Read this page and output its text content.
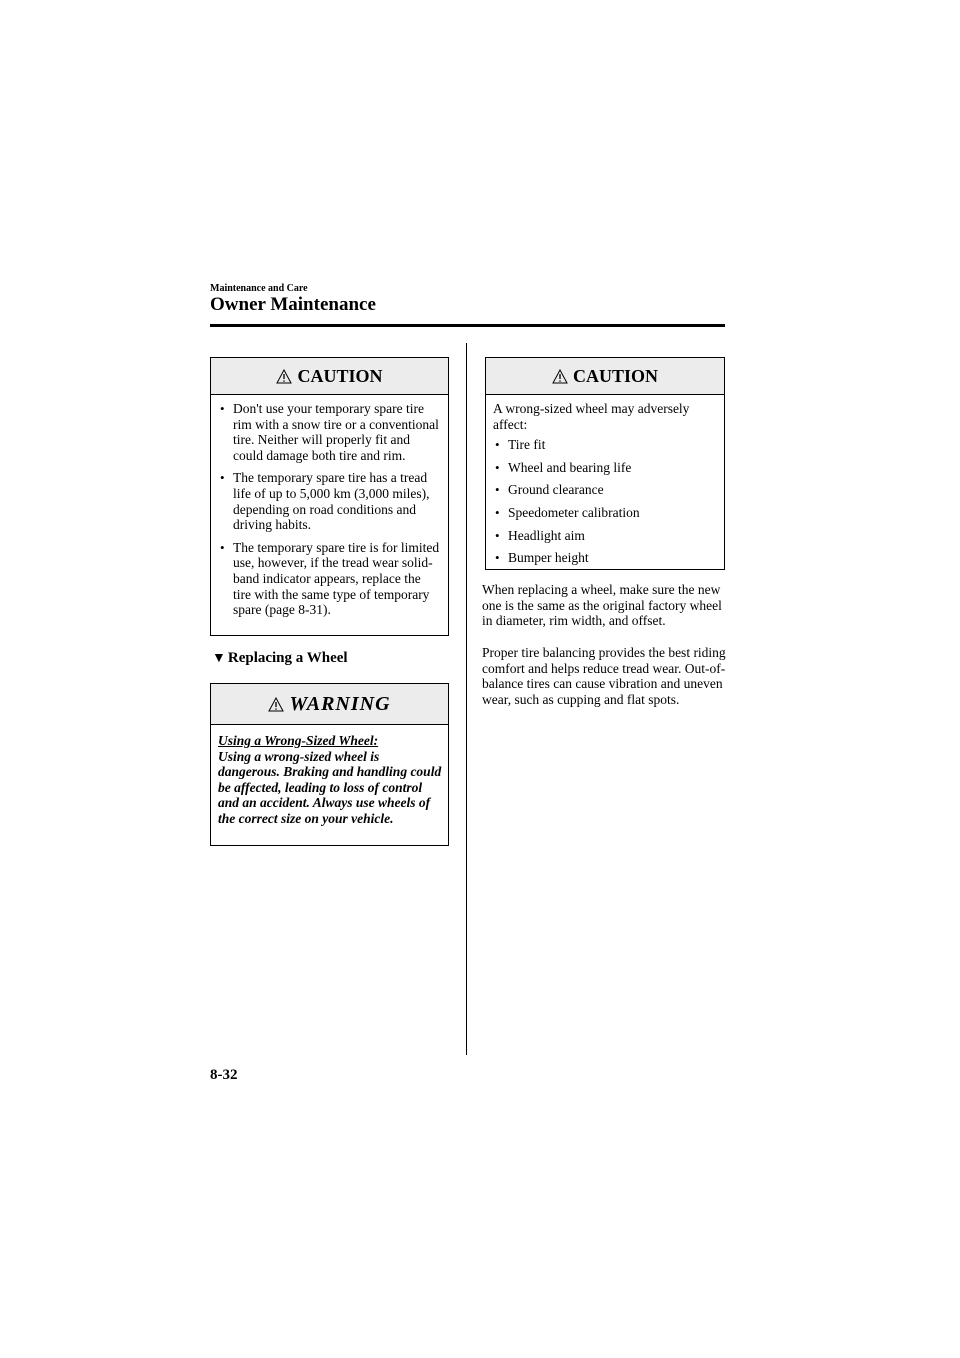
Maintenance and Care
Owner Maintenance
CAUTION
• Don't use your temporary spare tire rim with a snow tire or a conventional tire. Neither will properly fit and could damage both tire and rim.
• The temporary spare tire has a tread life of up to 5,000 km (3,000 miles), depending on road conditions and driving habits.
• The temporary spare tire is for limited use, however, if the tread wear solid-band indicator appears, replace the tire with the same type of temporary spare (page 8-31).
▼ Replacing a Wheel
WARNING
Using a Wrong-Sized Wheel:
Using a wrong-sized wheel is dangerous. Braking and handling could be affected, leading to loss of control and an accident. Always use wheels of the correct size on your vehicle.
CAUTION

A wrong-sized wheel may adversely affect:

• Tire fit
• Wheel and bearing life
• Ground clearance
• Speedometer calibration
• Headlight aim
• Bumper height

When replacing a wheel, make sure the new one is the same as the original factory wheel in diameter, rim width, and offset.

Proper tire balancing provides the best riding comfort and helps reduce tread wear. Out-of-balance tires can cause vibration and uneven wear, such as cupping and flat spots.

8-32
